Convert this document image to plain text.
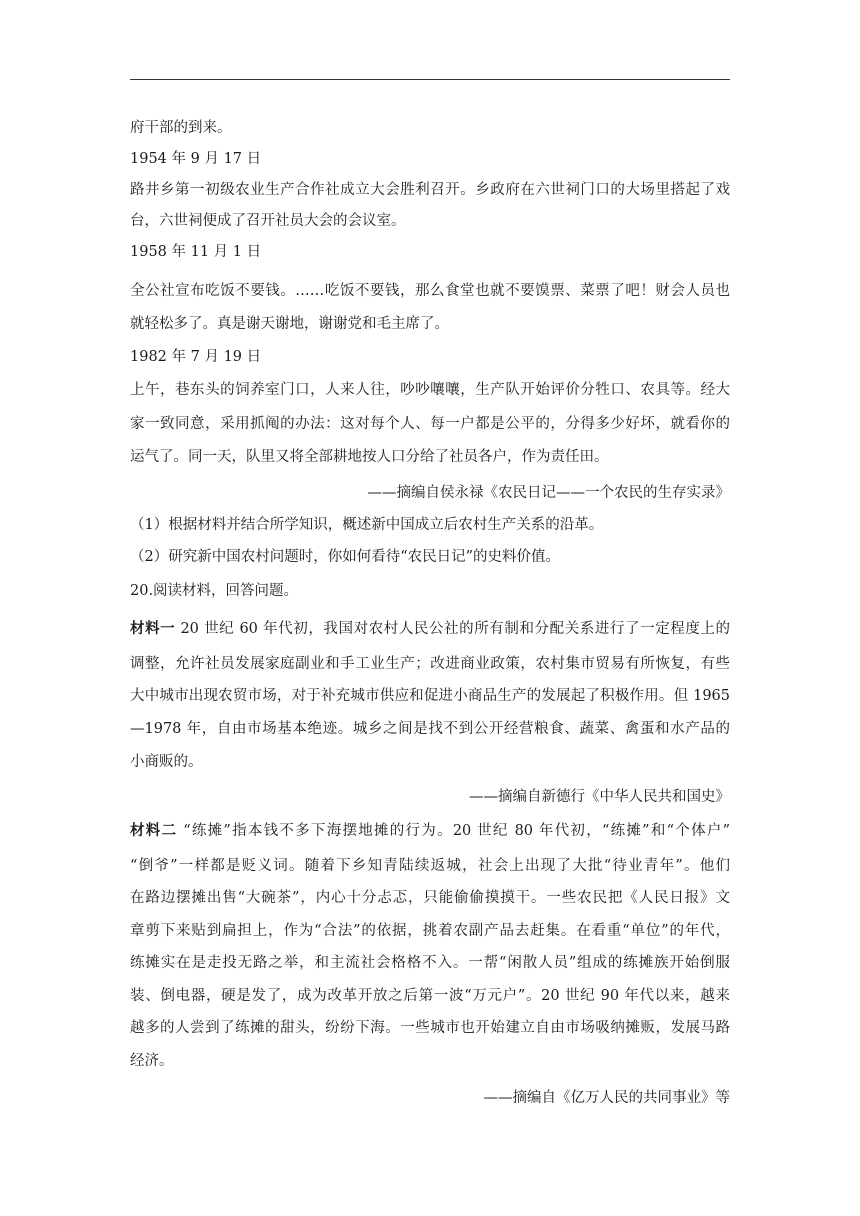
府干部的到来。
1954 年 9 月 17 日
路井乡第一初级农业生产合作社成立大会胜利召开。乡政府在六世祠门口的大场里搭起了戏
台，六世祠便成了召开社员大会的会议室。
1958 年 11 月 1 日
全公社宣布吃饭不要钱。……吃饭不要钱，那么食堂也就不要馍票、菜票了吧！财会人员也
就轻松多了。真是谢天谢地，谢谢党和毛主席了。
1982 年 7 月 19 日
上午，巷东头的饲养室门口，人来人往，吵吵嚷嚷，生产队开始评价分牲口、农具等。经大
家一致同意，采用抓阄的办法：这对每个人、每一户都是公平的，分得多少好坏，就看你的
运气了。同一天，队里又将全部耕地按人口分给了社员各户，作为责任田。
——摘编自侯永禄《农民日记——一个农民的生存实录》
（1）根据材料并结合所学知识，概述新中国成立后农村生产关系的沿革。
（2）研究新中国农村问题时，你如何看待“农民日记”的史料价值。
20.阅读材料，回答问题。
材料一 20 世纪 60 年代初，我国对农村人民公社的所有制和分配关系进行了一定程度上的
调整，允许社员发展家庭副业和手工业生产；改进商业政策，农村集市贸易有所恢复，有些
大中城市出现农贸市场，对于补充城市供应和促进小商品生产的发展起了积极作用。但 1965
—1978 年，自由市场基本绝迹。城乡之间是找不到公开经营粮食、蔬菜、禽蛋和水产品的
小商贩的。
——摘编自新德行《中华人民共和国史》
材料二 “练摊”指本钱不多下海摆地摊的行为。20 世纪 80 年代初，“练摊”和“个体户”
“倒爷”一样都是贬义词。随着下乡知青陆续返城，社会上出现了大批“待业青年”。他们
在路边摆摊出售“大碗茶”，内心十分忐忑，只能偷偷摸摸干。一些农民把《人民日报》文
章剪下来贴到扁担上，作为“合法”的依据，挑着农副产品去赶集。在看重“单位”的年代，
练摊实在是走投无路之举，和主流社会格格不入。一帮“闲散人员”组成的练摊族开始倒服
装、倒电器，硬是发了，成为改革开放之后第一波“万元户”。20 世纪 90 年代以来，越来
越多的人尝到了练摊的甜头，纷纷下海。一些城市也开始建立自由市场吸纳摊贩，发展马路
经济。
——摘编自《亿万人民的共同事业》等
